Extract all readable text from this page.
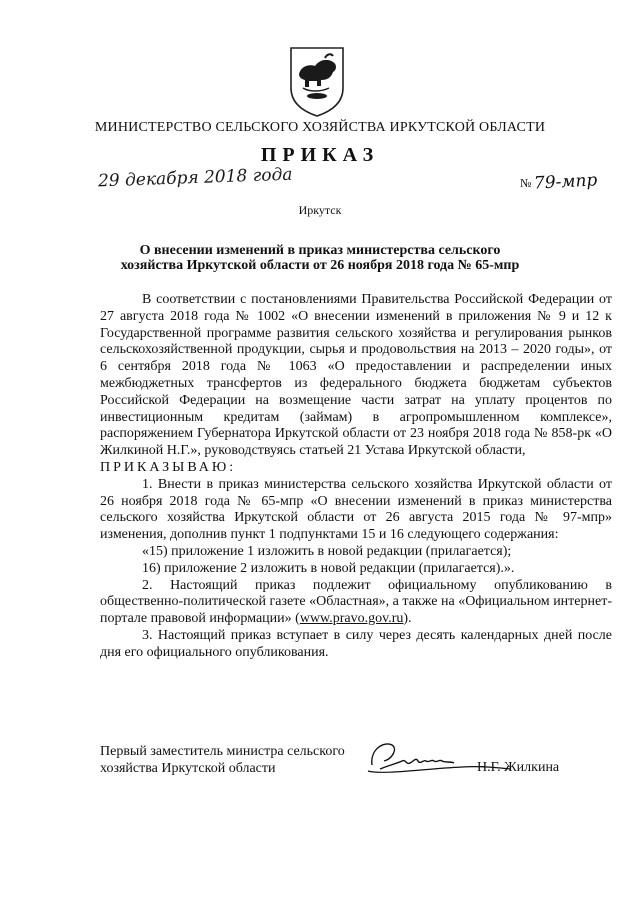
МИНИСТЕРСТВО СЕЛЬСКОГО ХОЗЯЙСТВА ИРКУТСКОЙ ОБЛАСТИ
ПРИКАЗ
29 декабря 2018 года	№ 79-мпр
Иркутск
О внесении изменений в приказ министерства сельского хозяйства Иркутской области от 26 ноября 2018 года № 65-мпр

В соответствии с постановлениями Правительства Российской Федерации от 27 августа 2018 года № 1002 «О внесении изменений в приложения № 9 и 12 к Государственной программе развития сельского хозяйства и регулирования рынков сельскохозяйственной продукции, сырья и продовольствия на 2013 – 2020 годы», от 6 сентября 2018 года № 1063 «О предоставлении и распределении иных межбюджетных трансфертов из федерального бюджета бюджетам субъектов Российской Федерации на возмещение части затрат на уплату процентов по инвестиционным кредитам (займам) в агропромышленном комплексе», распоряжением Губернатора Иркутской области от 23 ноября 2018 года № 858-рк «О Жилкиной Н.Г.», руководствуясь статьей 21 Устава Иркутской области,

ПРИКАЗЫВАЮ:

1. Внести в приказ министерства сельского хозяйства Иркутской области от 26 ноября 2018 года № 65-мпр «О внесении изменений в приказ министерства сельского хозяйства Иркутской области от 26 августа 2015 года № 97-мпр» изменения, дополнив пункт 1 подпунктами 15 и 16 следующего содержания:

«15) приложение 1 изложить в новой редакции (прилагается);

16) приложение 2 изложить в новой редакции (прилагается).».

2. Настоящий приказ подлежит официальному опубликованию в общественно-политической газете «Областная», а также на «Официальном интернет-портале правовой информации» (www.pravo.gov.ru).

3. Настоящий приказ вступает в силу через десять календарных дней после дня его официального опубликования.

Первый заместитель министра сельского
хозяйства Иркутской области	Н.Г. Жилкина
